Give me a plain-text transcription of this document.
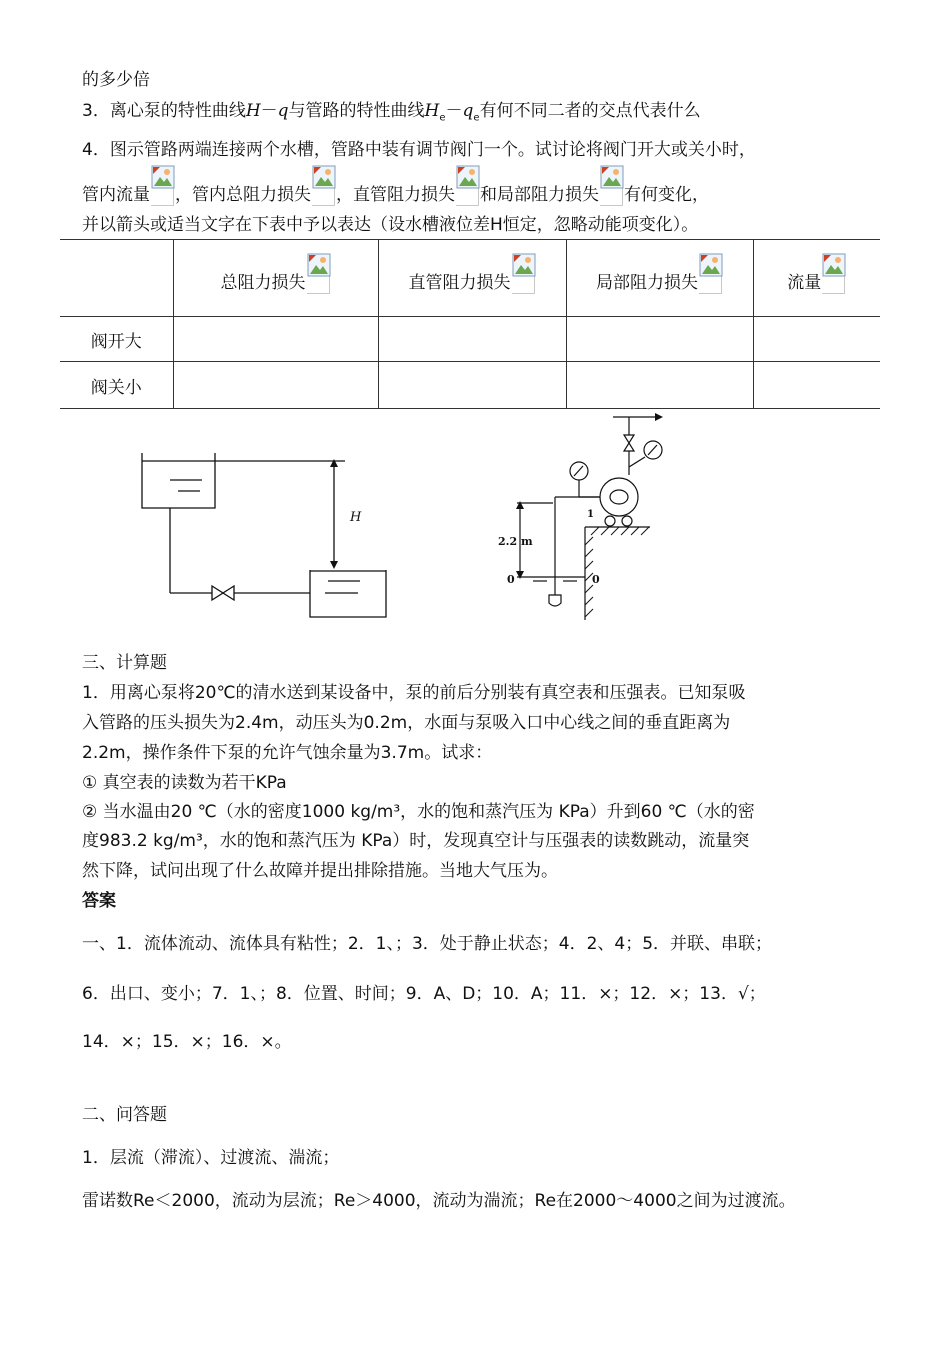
的多少倍
3．离心泵的特性曲线H－q与管路的特性曲线$H_e-q_e$有何不同二者的交点代表什么
4．图示管路两端连接两个水槽，管路中装有调节阀门一个。试讨论将阀门开大或关小时，
管内流量 ，管内总阻力损失 ，直管阻力损失 和局部阻力损失 有何变化，
并以箭头或适当文字在下表中予以表达（设水槽液位差H恒定，忽略动能项变化）。
	总阻力损失	直管阻力损失	局部阻力损失	流量

阀开大				
阀关小				
H
2.2 m
0	0
1
三、计算题
1．用离心泵将20℃的清水送到某设备中，泵的前后分别装有真空表和压强表。已知泵吸
入管路的压头损失为2.4m，动压头为0.2m，水面与泵吸入口中心线之间的垂直距离为
2.2m，操作条件下泵的允许气蚀余量为3.7m。试求：
① 真空表的读数为若干KPa
② 当水温由20 ℃（水的密度1000 kg/m³，水的饱和蒸汽压为 KPa）升到60 ℃（水的密
度983.2 kg/m³，水的饱和蒸汽压为 KPa）时，发现真空计与压强表的读数跳动，流量突
然下降，试问出现了什么故障并提出排除措施。当地大气压为。
答案
一、1．流体流动、流体具有粘性；2．1、；3．处于静止状态；4．2、4；5．并联、串联；
6．出口、变小；7．1、；8．位置、时间；9．A、D；10．A；11．×；12．×；13．√；
14．×；15．×；16．×。
二、问答题
1．层流（滞流）、过渡流、湍流；
雷诺数Re＜2000，流动为层流；Re＞4000，流动为湍流；Re在2000～4000之间为过渡流。
